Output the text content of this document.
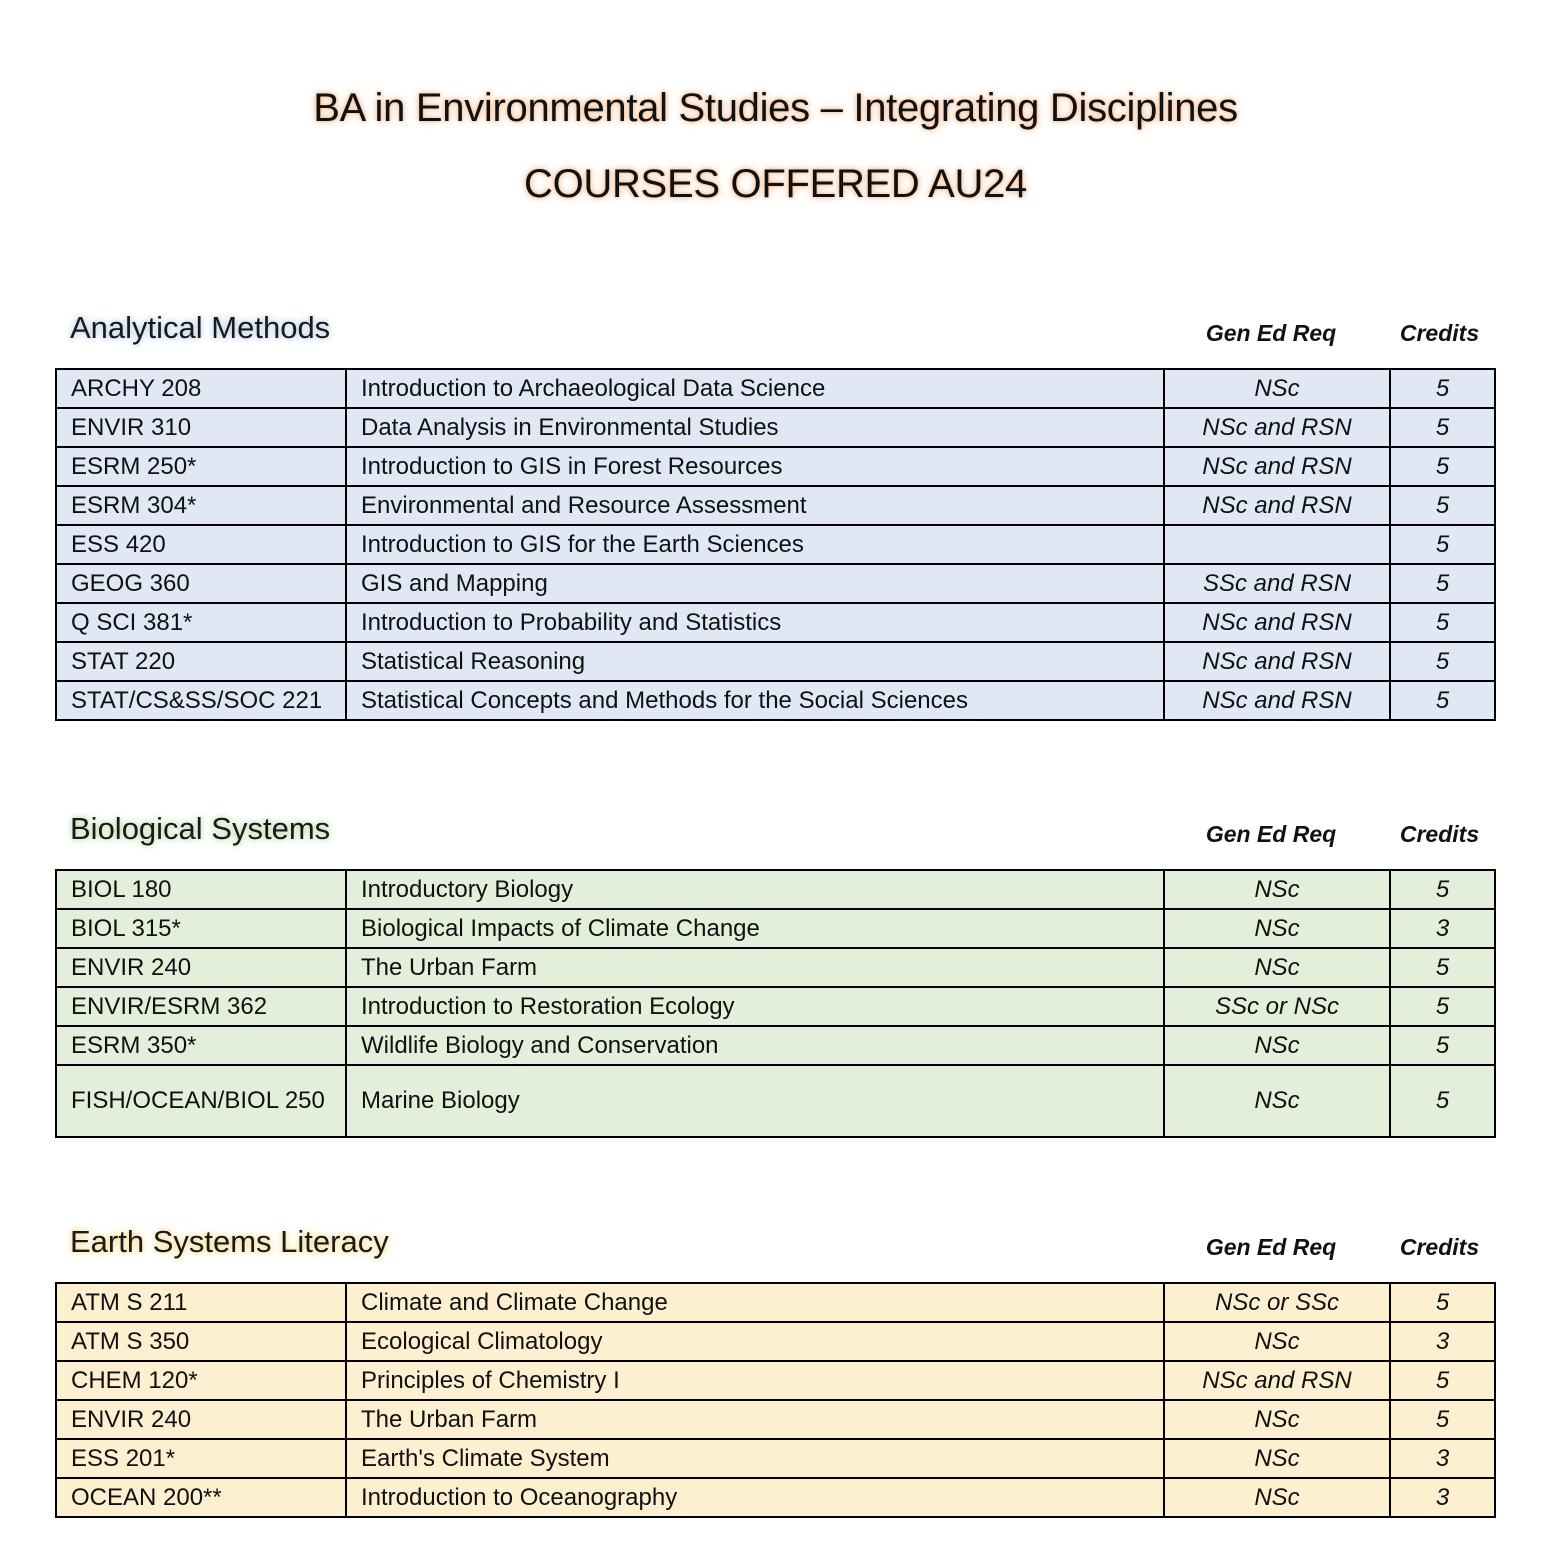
BA in Environmental Studies – Integrating Disciplines
COURSES OFFERED AU24
Analytical Methods	Gen Ed Req	Credits
ARCHY 208	Introduction to Archaeological Data Science	NSc	5
ENVIR 310	Data Analysis in Environmental Studies	NSc and RSN	5
ESRM 250*	Introduction to GIS in Forest Resources	NSc and RSN	5
ESRM 304*	Environmental and Resource Assessment	NSc and RSN	5
ESS 420	Introduction to GIS for the Earth Sciences		5
GEOG 360	GIS and Mapping	SSc and RSN	5
Q SCI 381*	Introduction to Probability and Statistics	NSc and RSN	5
STAT 220	Statistical Reasoning	NSc and RSN	5
STAT/CS&SS/SOC 221	Statistical Concepts and Methods for the Social Sciences	NSc and RSN	5
Biological Systems	Gen Ed Req	Credits
BIOL 180	Introductory Biology	NSc	5
BIOL 315*	Biological Impacts of Climate Change	NSc	3
ENVIR 240	The Urban Farm	NSc	5
ENVIR/ESRM 362	Introduction to Restoration Ecology	SSc or NSc	5
ESRM 350*	Wildlife Biology and Conservation	NSc	5
FISH/OCEAN/BIOL 250	Marine Biology	NSc	5
Earth Systems Literacy	Gen Ed Req	Credits
ATM S 211	Climate and Climate Change	NSc or SSc	5
ATM S 350	Ecological Climatology	NSc	3
CHEM 120*	Principles of Chemistry I	NSc and RSN	5
ENVIR 240	The Urban Farm	NSc	5
ESS 201*	Earth's Climate System	NSc	3
OCEAN 200**	Introduction to Oceanography	NSc	3
